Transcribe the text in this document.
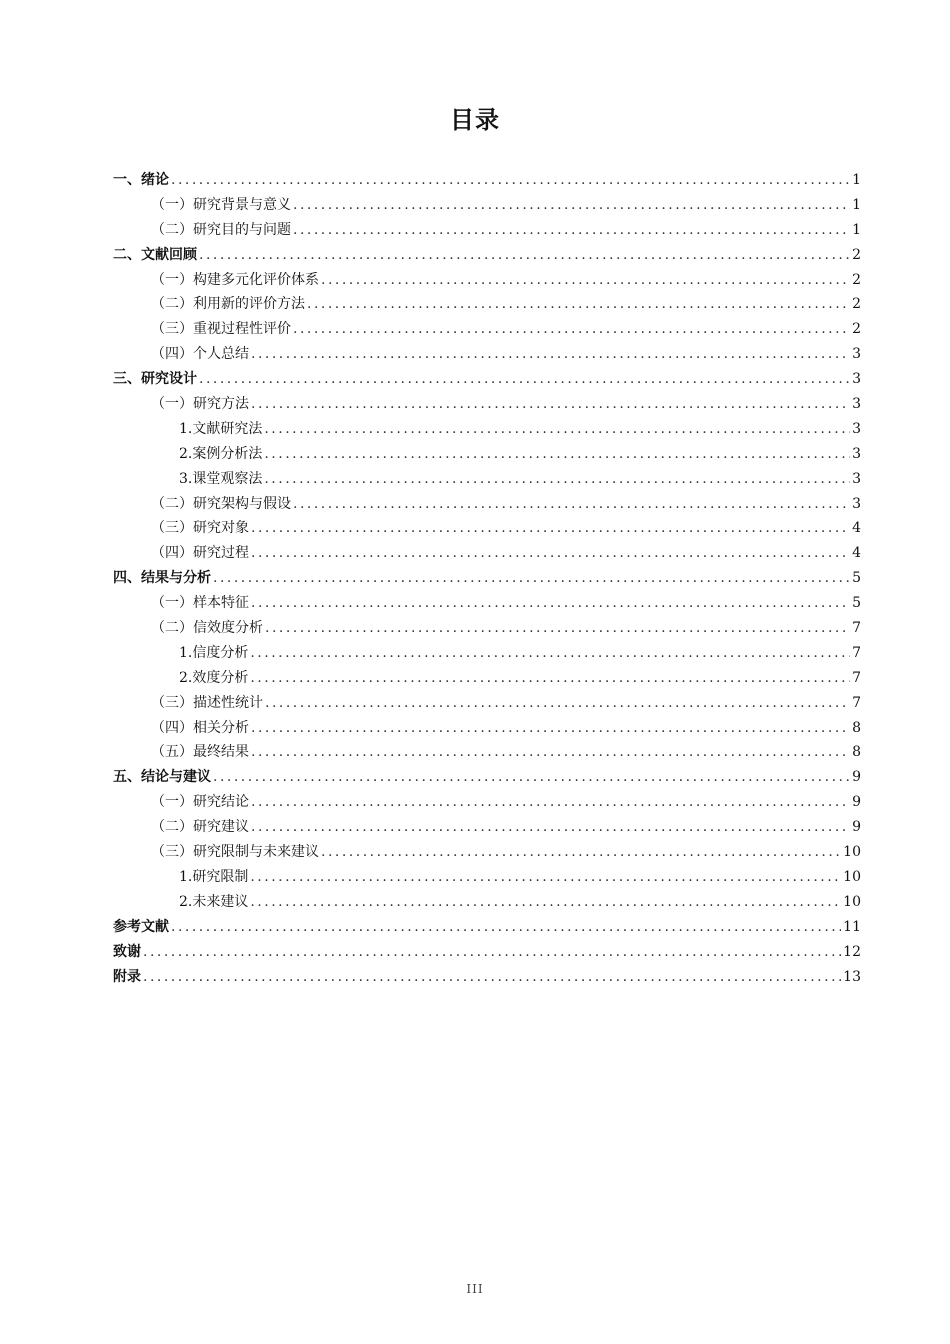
目录
一、绪论 .....	1
（一）研究背景与意义 .....	1
（二）研究目的与问题 .....	1
二、文献回顾 .....	2
（一）构建多元化评价体系 .....	2
（二）利用新的评价方法 .....	2
（三）重视过程性评价 .....	2
（四）个人总结 .....	3
三、研究设计 .....	3
（一）研究方法 .....	3
1.文献研究法 .....	3
2.案例分析法 .....	3
3.课堂观察法 .....	3
（二）研究架构与假设 .....	3
（三）研究对象 .....	4
（四）研究过程 .....	4
四、结果与分析 .....	5
（一）样本特征 .....	5
（二）信效度分析 .....	7
1.信度分析 .....	7
2.效度分析 .....	7
（三）描述性统计 .....	7
（四）相关分析 .....	8
（五）最终结果 .....	8
五、结论与建议 .....	9
（一）研究结论 .....	9
（二）研究建议 .....	9
（三）研究限制与未来建议 .....	10
1.研究限制 .....	10
2.未来建议 .....	10
参考文献 .....	11
致谢 .....	12
附录 .....	13
III
